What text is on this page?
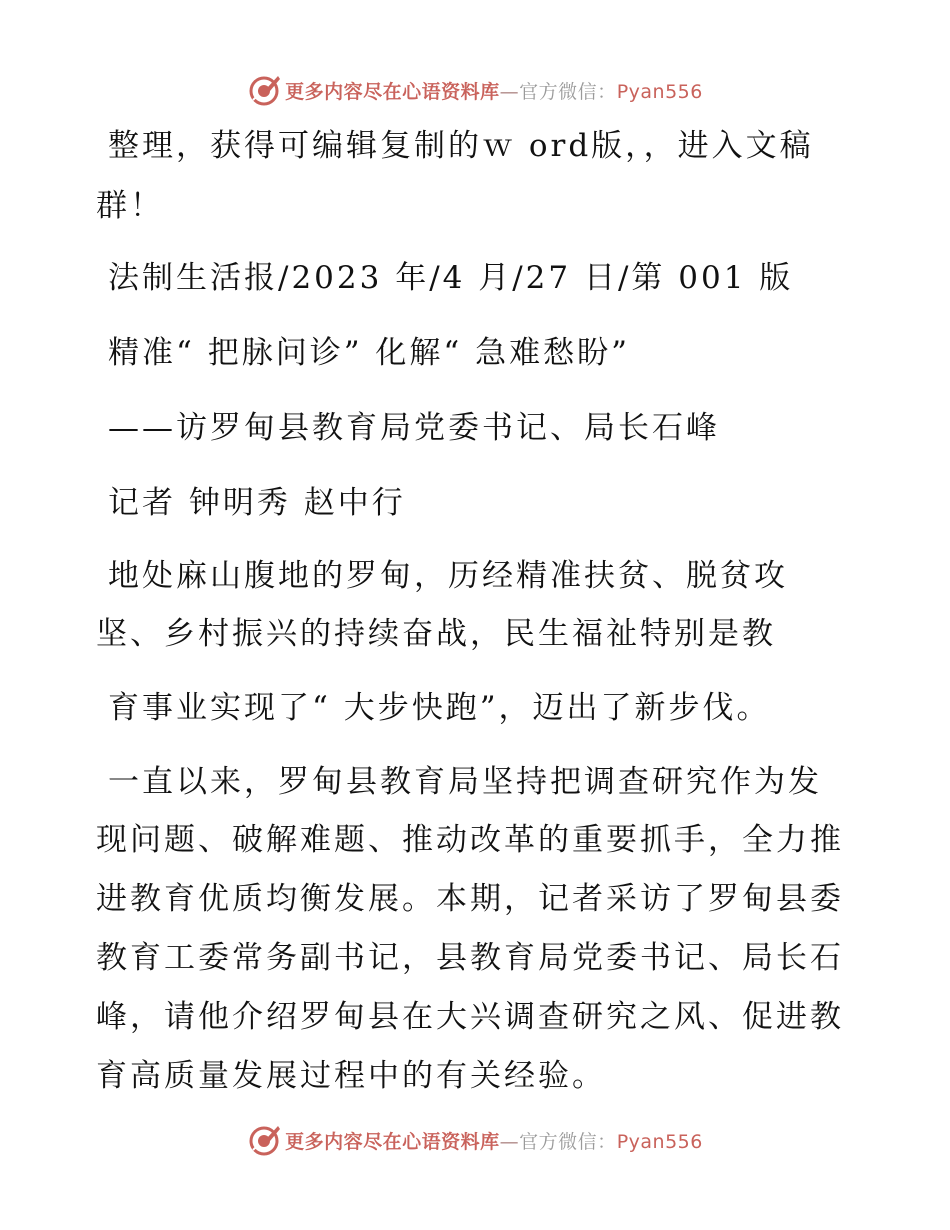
更多内容尽在心语资料库—官方微信：Pyan556
整理，获得可编辑复制的ｗ ord版，，进入文稿
群！
法制生活报/2023 年/4 月/27 日/第 001 版
精准“ 把脉问诊” 化解“ 急难愁盼”
——访罗甸县教育局党委书记、局长石峰
记者 钟明秀 赵中行
地处麻山腹地的罗甸，历经精准扶贫、脱贫攻
坚、乡村振兴的持续奋战，民生福祉特别是教
育事业实现了“ 大步快跑”，迈出了新步伐。
一直以来，罗甸县教育局坚持把调查研究作为发
现问题、破解难题、推动改革的重要抓手，全力推
进教育优质均衡发展。本期，记者采访了罗甸县委
教育工委常务副书记，县教育局党委书记、局长石
峰，请他介绍罗甸县在大兴调查研究之风、促进教
育高质量发展过程中的有关经验。
更多内容尽在心语资料库—官方微信：Pyan556
